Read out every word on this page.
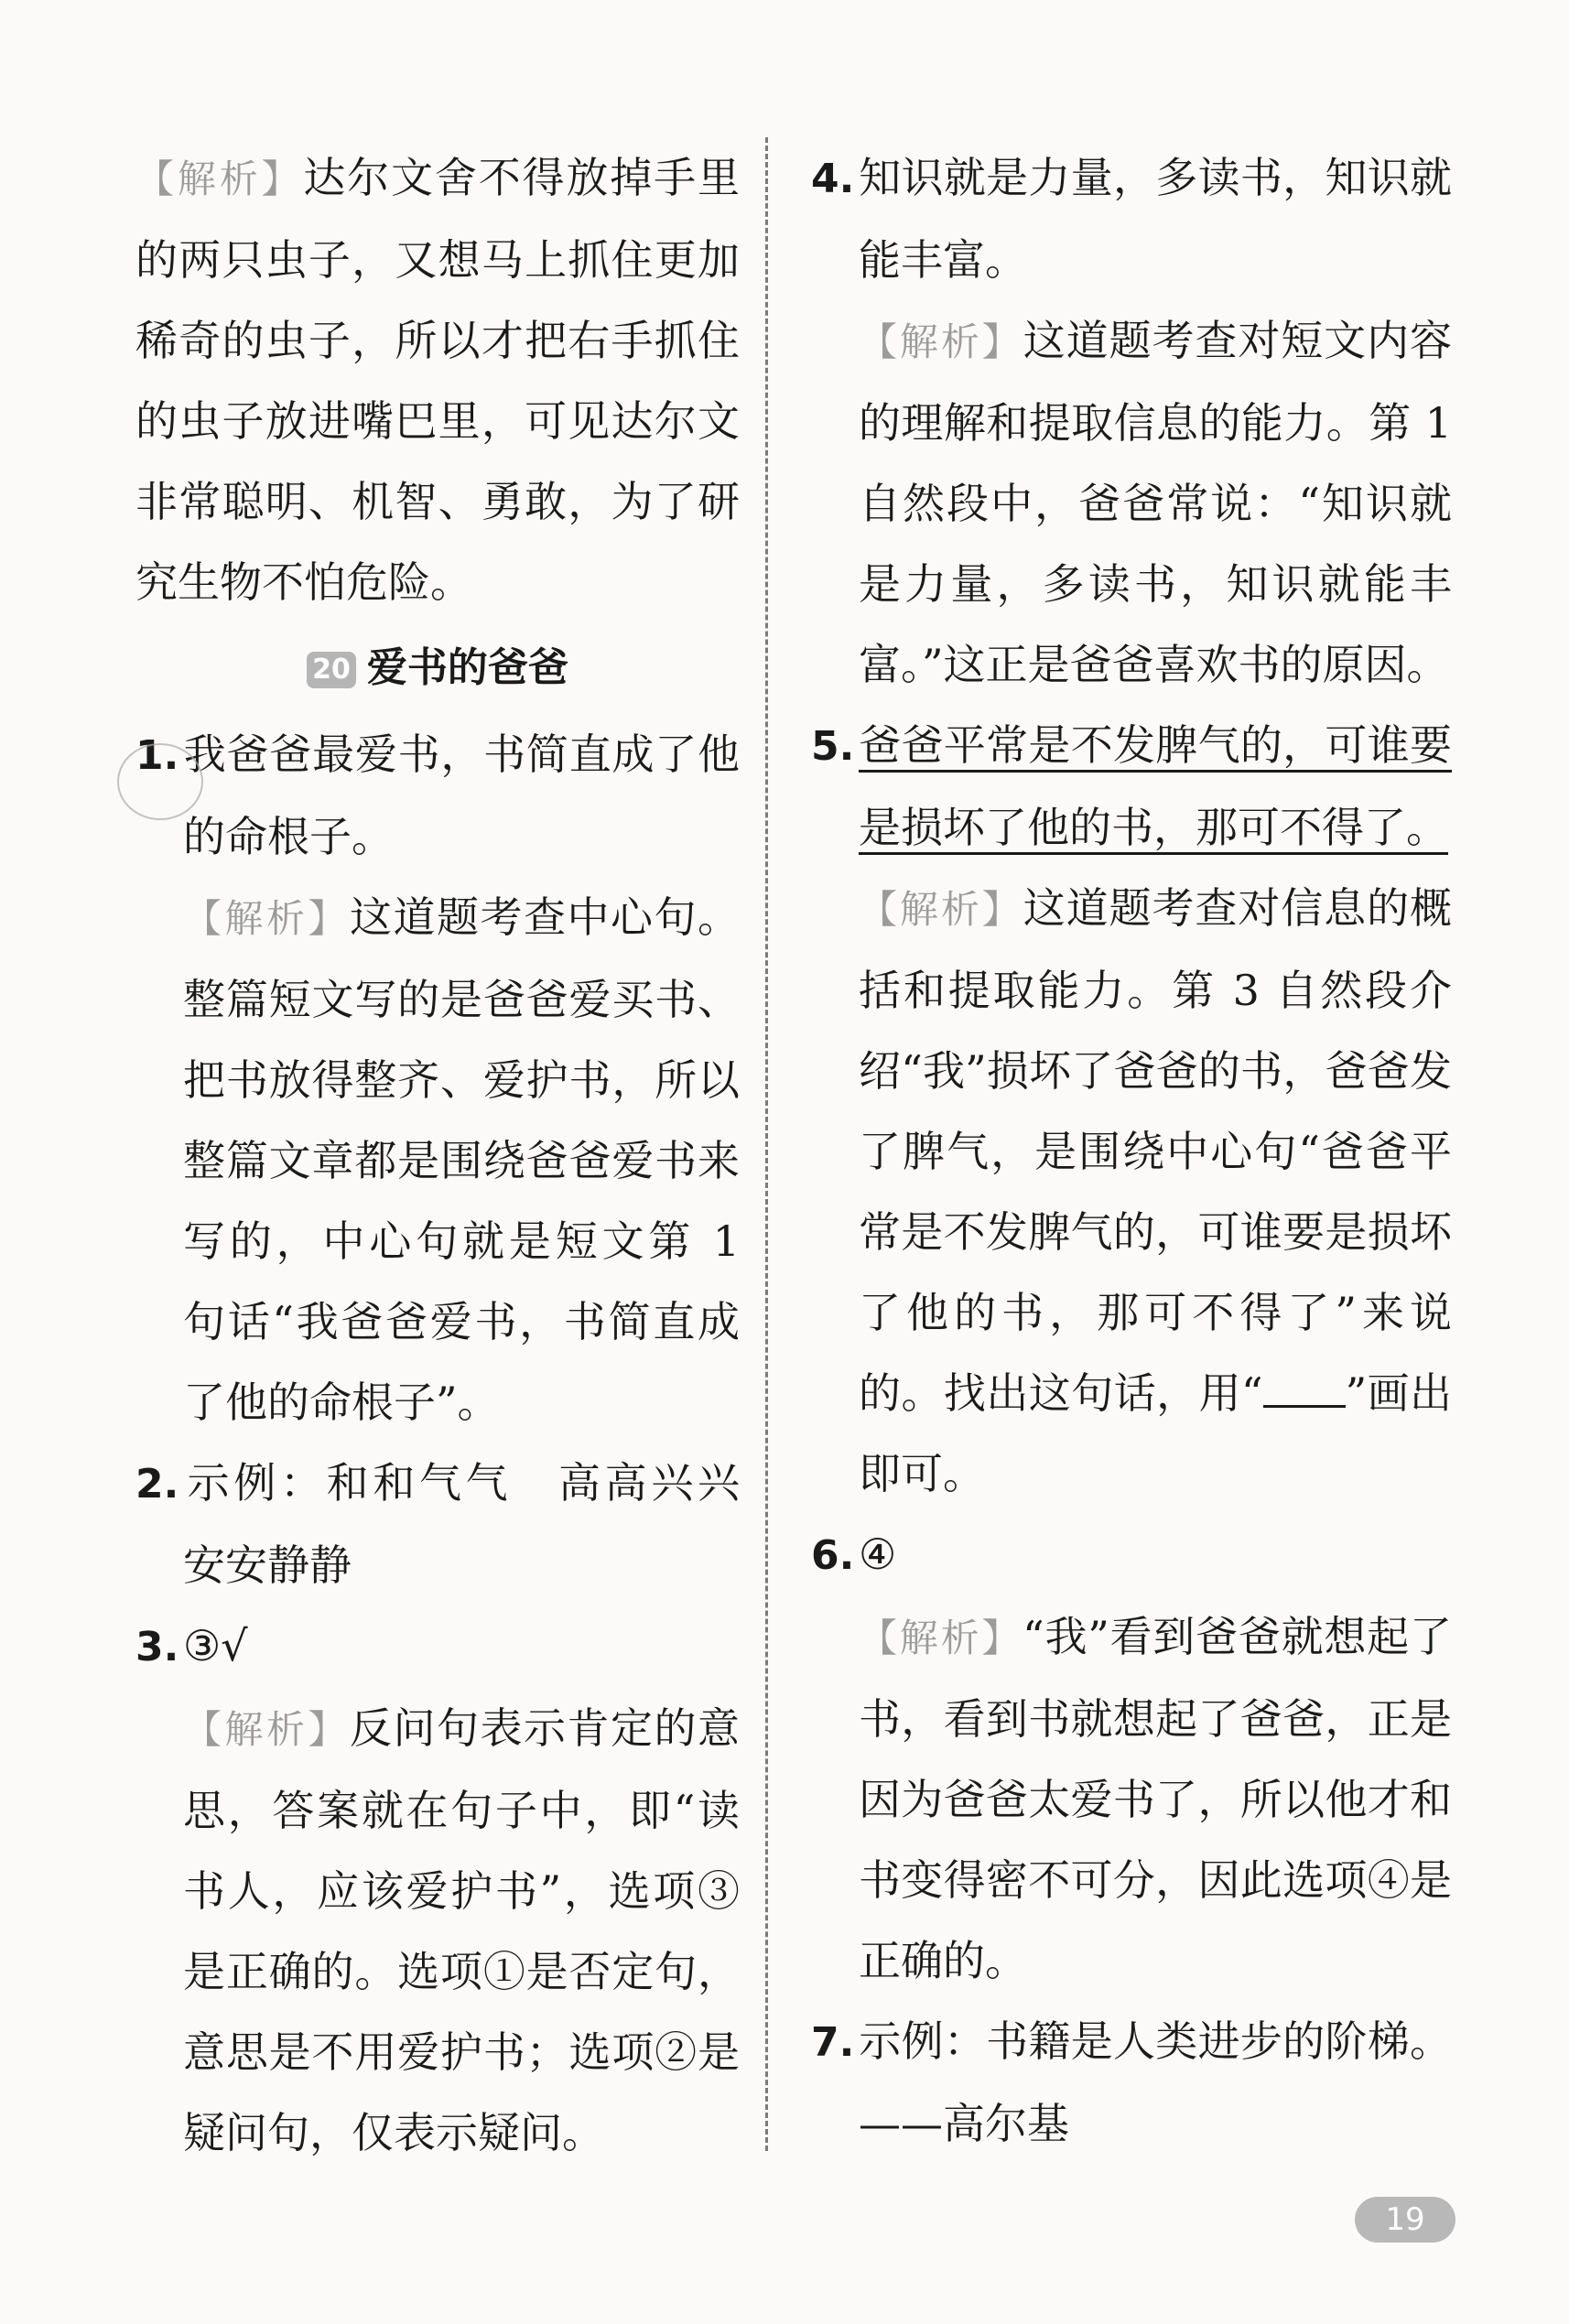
【解析】达尔文舍不得放掉手里的两只虫子，又想马上抓住更加稀奇的虫子，所以才把右手抓住的虫子放进嘴巴里，可见达尔文非常聪明、机智、勇敢，为了研究生物不怕危险。

20 爱书的爸爸

1. 我爸爸最爱书，书简直成了他的命根子。

【解析】这道题考查中心句。整篇短文写的是爸爸爱买书、把书放得整齐、爱护书，所以整篇文章都是围绕爸爸爱书来写的，中心句就是短文第 1 句话“我爸爸爱书，书简直成了他的命根子”。

2. 示例：和和气气　高高兴兴　安安静静

3. ③√

【解析】反问句表示肯定的意思，答案就在句子中，即“读书人，应该爱护书”，选项③是正确的。选项①是否定句，意思是不用爱护书；选项②是疑问句，仅表示疑问。

4. 知识就是力量，多读书，知识就能丰富。

【解析】这道题考查对短文内容的理解和提取信息的能力。第 1 自然段中，爸爸常说：“知识就是力量，多读书，知识就能丰富。”这正是爸爸喜欢书的原因。

5. 爸爸平常是不发脾气的，可谁要是损坏了他的书，那可不得了。

【解析】这道题考查对信息的概括和提取能力。第 3 自然段介绍“我”损坏了爸爸的书，爸爸发了脾气，是围绕中心句“爸爸平常是不发脾气的，可谁要是损坏了他的书，那可不得了”来说的。找出这句话，用“ ”画出即可。

6. ④

【解析】“我”看到爸爸就想起了书，看到书就想起了爸爸，正是因为爸爸太爱书了，所以他才和书变得密不可分，因此选项④是正确的。

7. 示例：书籍是人类进步的阶梯。——高尔基

19
